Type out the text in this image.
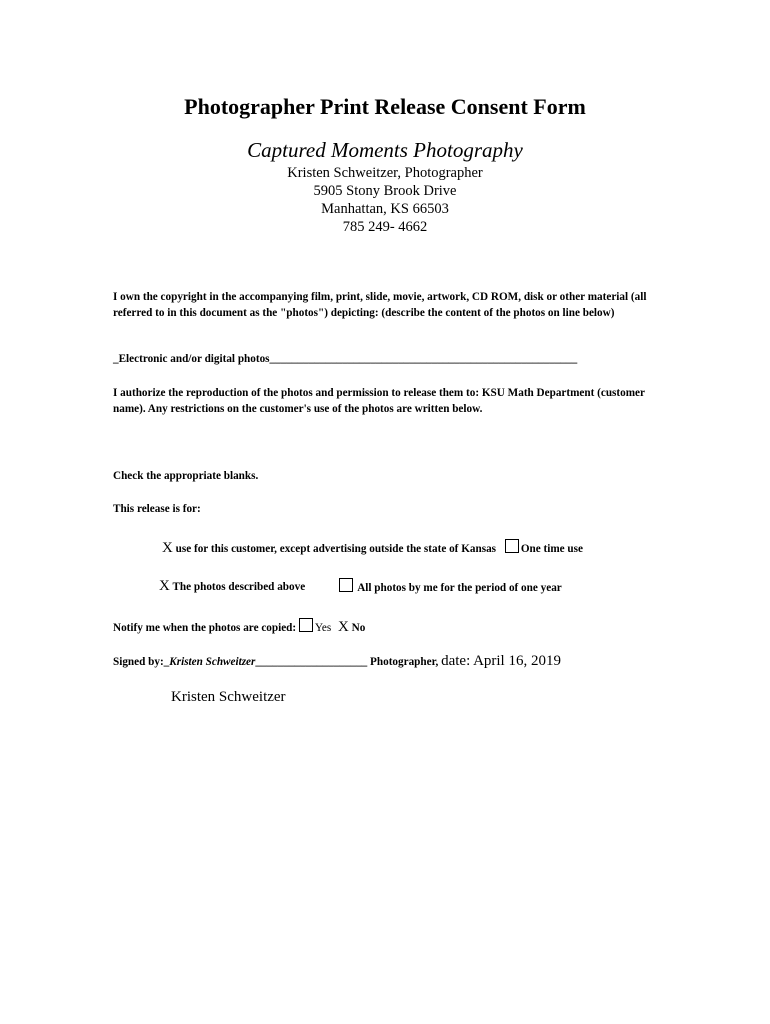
Photographer Print Release Consent Form
Captured Moments Photography
Kristen Schweitzer, Photographer
5905 Stony Brook Drive
Manhattan, KS 66503
785 249- 4662
I own the copyright in the accompanying film, print, slide, movie, artwork, CD ROM, disk or other material (all referred to in this document as the "photos") depicting: (describe the content of the photos on line below)
_Electronic and/or digital photos_______________________________________________________
I authorize the reproduction of the photos and permission to release them to: KSU Math Department (customer name). Any restrictions on the customer's use of the photos are written below.
Check the appropriate blanks.
This release is for:
X use for this customer, except advertising outside the state of Kansas One time use
X The photos described above	All photos by me for the period of one year
Notify me when the photos are copied: Yes X No
Signed by:_Kristen Schweitzer____________________ Photographer, date: April 16, 2019
Kristen Schweitzer
